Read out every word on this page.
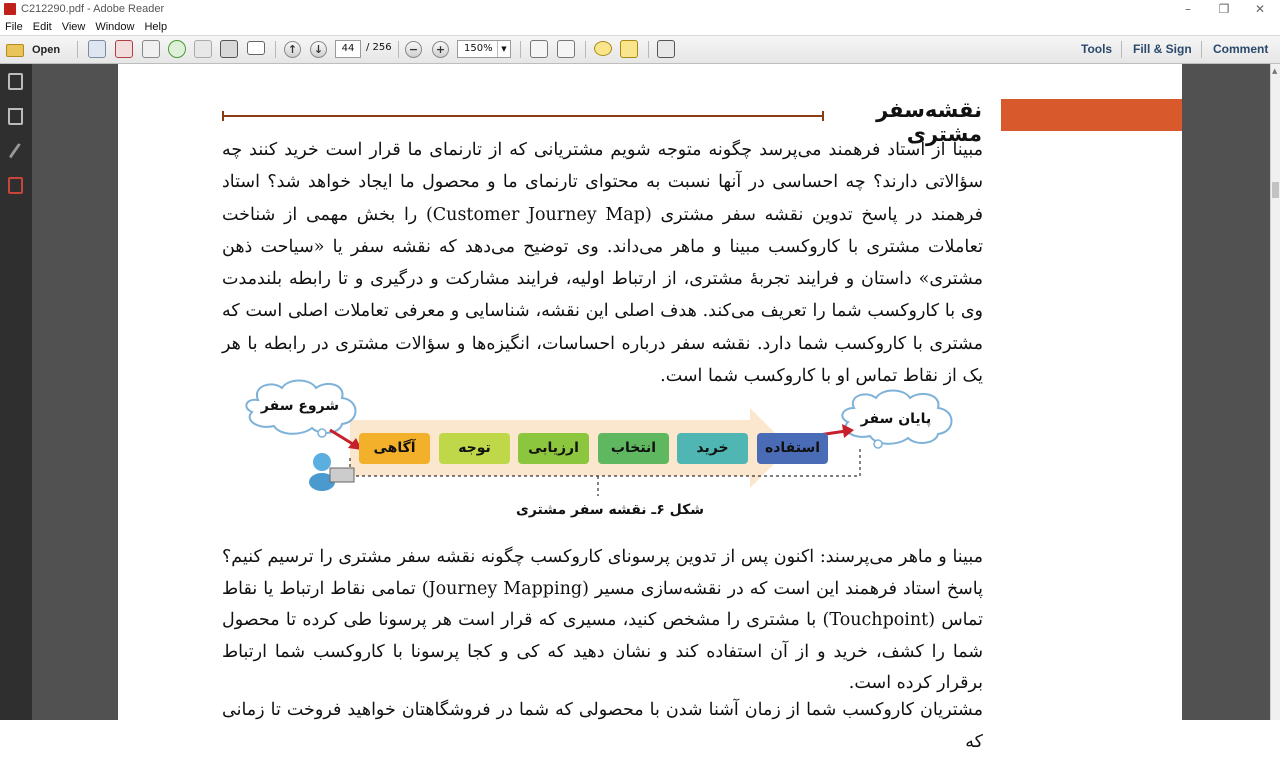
C212290.pdf - Adobe Reader	–	❐	✕
File Edit View Window Help
Open	↑	↓	44	/ 256	−	+	150%	▼	Tools Fill & Sign Comment
نقشه‌سفر مشتری
مبینا از استاد فرهمند می‌پرسد چگونه متوجه شویم مشتریانی که از تارنمای ما قرار است خرید کنند چه سؤالاتی دارند؟ چه احساسی در آنها نسبت به محتوای تارنمای ما و محصول ما ایجاد خواهد شد؟ استاد فرهمند در پاسخ تدوین نقشه سفر مشتری (Customer Journey Map) را بخش مهمی از شناخت تعاملات مشتری با کاروکسب مبینا و ماهر می‌داند. وی توضیح می‌دهد که نقشه سفر یا «سیاحت ذهن مشتری» داستان و فرایند تجربهٔ مشتری، از ارتباط اولیه، فرایند مشارکت و درگیری و تا رابطه بلندمدت وی با کاروکسب شما را تعریف می‌کند. هدف اصلی این نقشه، شناسایی و معرفی تعاملات اصلی است که مشتری با کاروکسب شما دارد. نقشه سفر درباره احساسات، انگیزه‌ها و سؤالات مشتری در رابطه با هر یک از نقاط تماس او با کاروکسب شما است.
شروع سفر
پایان سفر
آگاهی	توجه	ارزیابی	انتخاب	خرید	استفاده
شکل ۶ـ نقشه سفر مشتری
مبینا و ماهر می‌پرسند: اکنون پس از تدوین پرسونای کاروکسب چگونه نقشه سفر مشتری را ترسیم کنیم؟ پاسخ استاد فرهمند این است که در نقشه‌سازی مسیر (Journey Mapping) تمامی نقاط ارتباط یا نقاط تماس (Touchpoint) با مشتری را مشخص کنید، مسیری که قرار است هر پرسونا طی کرده تا محصول شما را کشف، خرید و از آن استفاده کند و نشان دهید که کی و کجا پرسونا با کاروکسب شما ارتباط برقرار کرده است.
مشتریان کاروکسب شما از زمان آشنا شدن با محصولی که شما در فروشگاهتان خواهید فروخت تا زمانی که
▲
